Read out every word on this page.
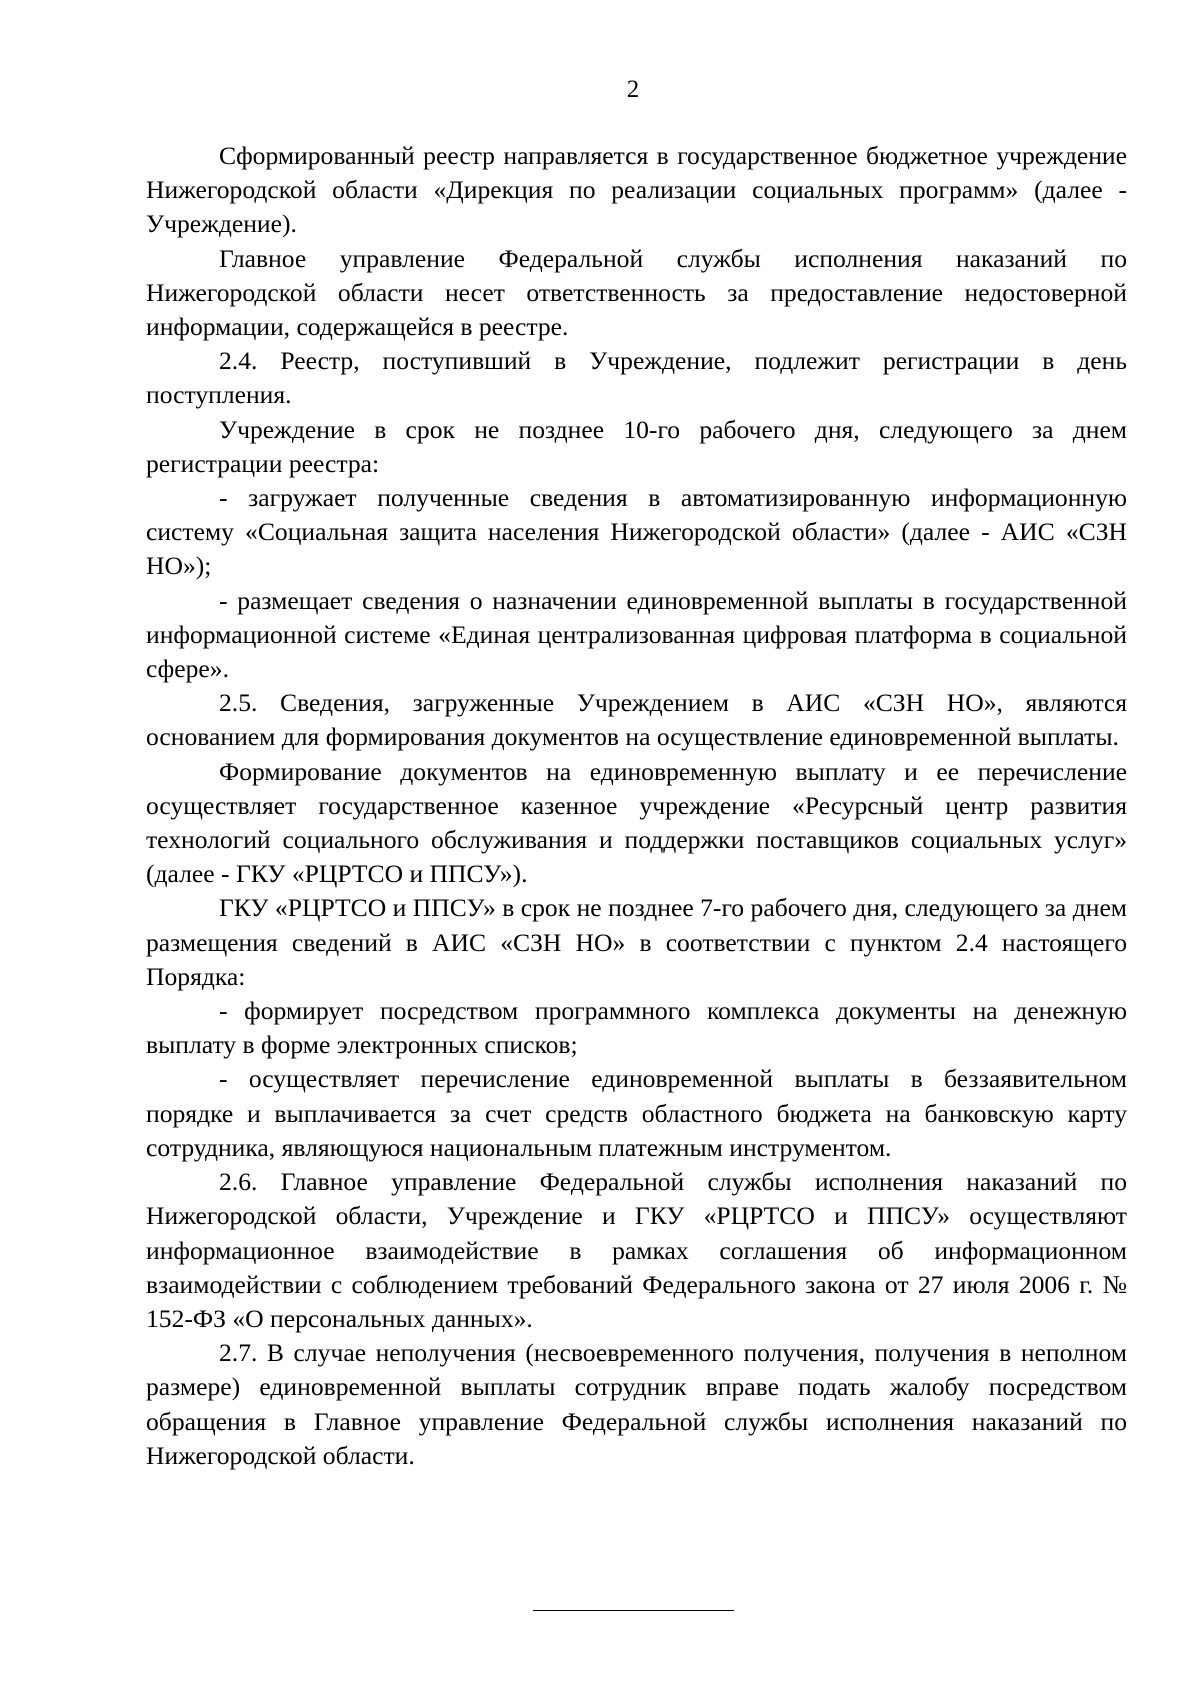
2

Сформированный реестр направляется в государственное бюджетное учреждение Нижегородской области «Дирекция по реализации социальных программ» (далее - Учреждение).

Главное управление Федеральной службы исполнения наказаний по Нижегородской области несет ответственность за предоставление недостоверной информации, содержащейся в реестре.

2.4. Реестр, поступивший в Учреждение, подлежит регистрации в день поступления.

Учреждение в срок не позднее 10-го рабочего дня, следующего за днем регистрации реестра:

- загружает полученные сведения в автоматизированную информационную систему «Социальная защита населения Нижегородской области» (далее - АИС «СЗН НО»);

- размещает сведения о назначении единовременной выплаты в государственной информационной системе «Единая централизованная цифровая платформа в социальной сфере».

2.5. Сведения, загруженные Учреждением в АИС «СЗН НО», являются основанием для формирования документов на осуществление единовременной выплаты.

Формирование документов на единовременную выплату и ее перечисление осуществляет государственное казенное учреждение «Ресурсный центр развития технологий социального обслуживания и поддержки поставщиков социальных услуг» (далее - ГКУ «РЦРТСО и ППСУ»).

ГКУ «РЦРТСО и ППСУ» в срок не позднее 7-го рабочего дня, следующего за днем размещения сведений в АИС «СЗН НО» в соответствии с пунктом 2.4 настоящего Порядка:

- формирует посредством программного комплекса документы на денежную выплату в форме электронных списков;

- осуществляет перечисление единовременной выплаты в беззаявительном порядке и выплачивается за счет средств областного бюджета на банковскую карту сотрудника, являющуюся национальным платежным инструментом.

2.6. Главное управление Федеральной службы исполнения наказаний по Нижегородской области, Учреждение и ГКУ «РЦРТСО и ППСУ» осуществляют информационное взаимодействие в рамках соглашения об информационном взаимодействии с соблюдением требований Федерального закона от 27 июля 2006 г. № 152-ФЗ «О персональных данных».

2.7. В случае неполучения (несвоевременного получения, получения в неполном размере) единовременной выплаты сотрудник вправе подать жалобу посредством обращения в Главное управление Федеральной службы исполнения наказаний по Нижегородской области.
